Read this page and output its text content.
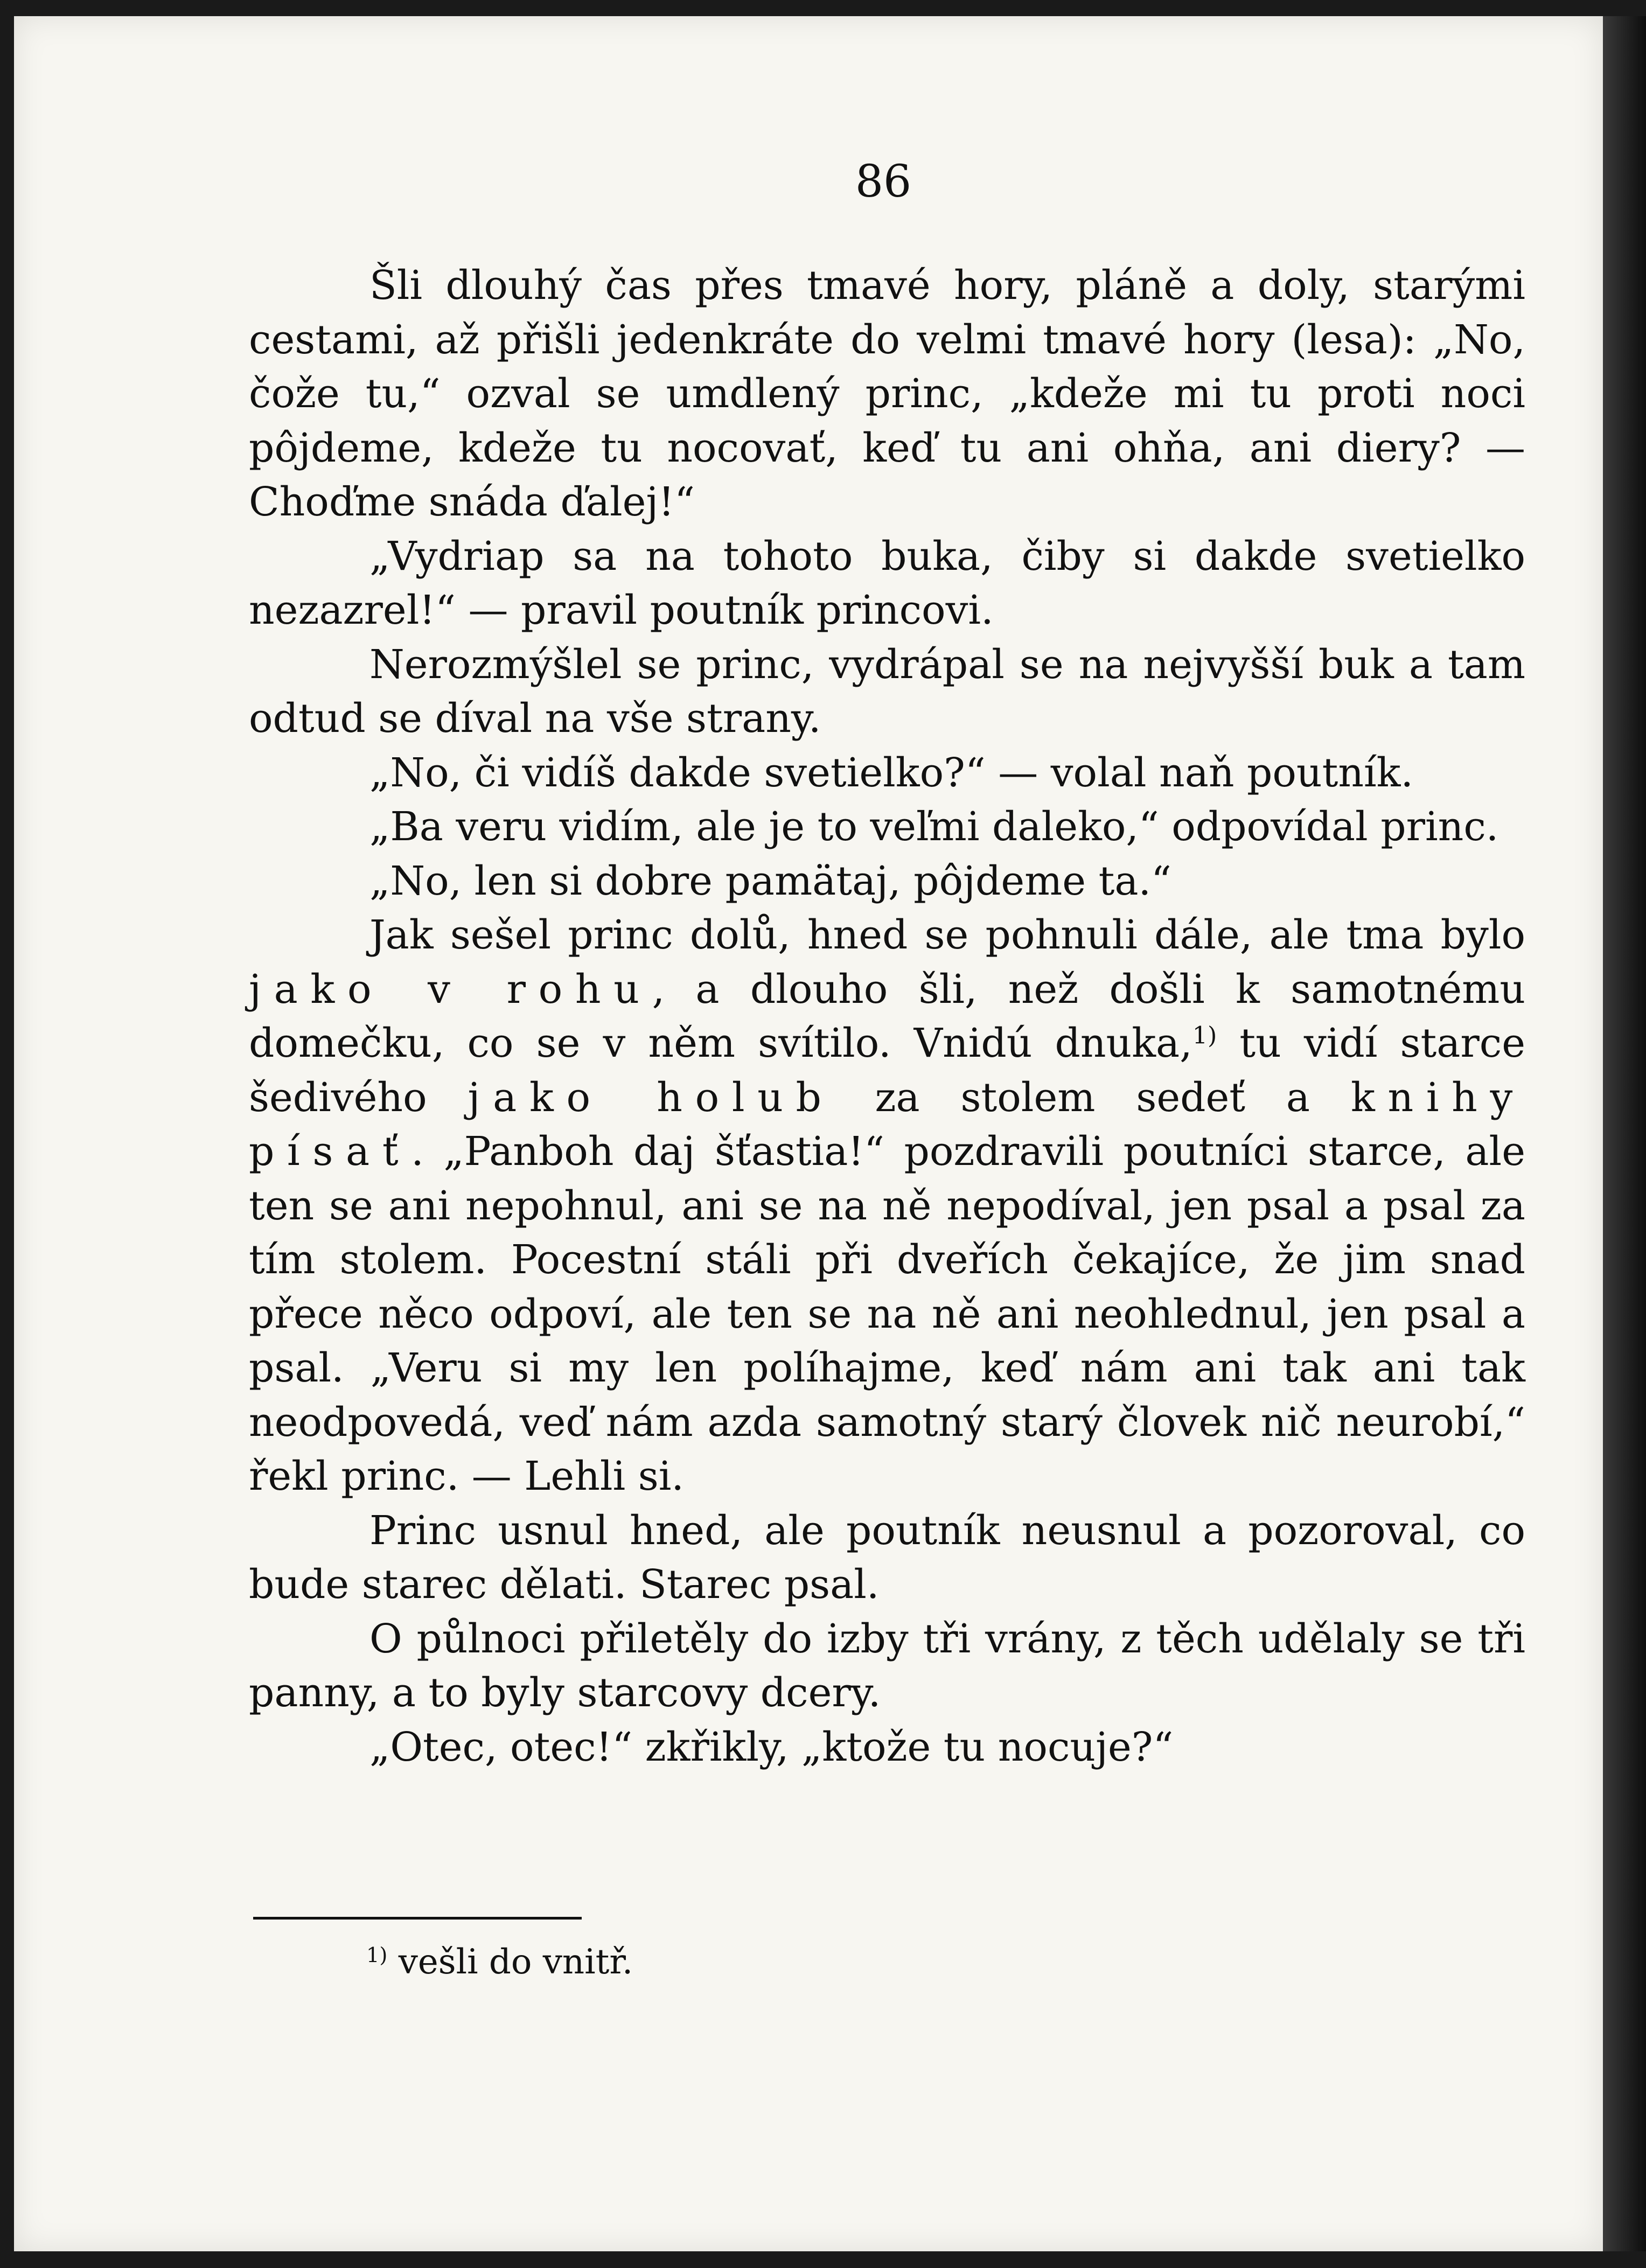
86

Šli dlouhý čas přes tmavé hory, pláně a doly, starými cestami, až přišli jedenkráte do velmi tmavé hory (lesa): „No, čože tu,“ ozval se umdlený princ, „kdeže mi tu proti noci pôjdeme, kdeže tu nocovať, keď tu ani ohňa, ani diery? — Choďme snáda ďalej!“

„Vydriap sa na tohoto buka, čiby si dakde svetielko nezazrel!“ — pravil poutník princovi.

Nerozmýšlel se princ, vydrápal se na nejvyšší buk a tam odtud se díval na vše strany.

„No, či vidíš dakde svetielko?“ — volal naň poutník.

„Ba veru vidím, ale je to veľmi daleko,“ odpovídal princ.

„No, len si dobre pamätaj, pôjdeme ta.“

Jak sešel princ dolů, hned se pohnuli dále, ale tma bylo jako v rohu, a dlouho šli, než došli k samotnému domečku, co se v něm svítilo. Vnidú dnuka,$^{1)}$ tu vidí starce šedivého jako holub za stolem sedeť a knihy písať. „Panboh daj šťastia!“ pozdravili poutníci starce, ale ten se ani nepohnul, ani se na ně nepodíval, jen psal a psal za tím stolem. Pocestní stáli při dveřích čekajíce, že jim snad přece něco odpoví, ale ten se na ně ani neohlednul, jen psal a psal. „Veru si my len políhajme, keď nám ani tak ani tak neodpovedá, veď nám azda samotný starý človek nič neurobí,“ řekl princ. — Lehli si.

Princ usnul hned, ale poutník neusnul a pozoroval, co bude starec dělati. Starec psal.

O půlnoci přiletěly do izby tři vrány, z těch udělaly se tři panny, a to byly starcovy dcery.

„Otec, otec!“ zkřikly, „ktože tu nocuje?“

$^{1)}$ vešli do vnitř.
